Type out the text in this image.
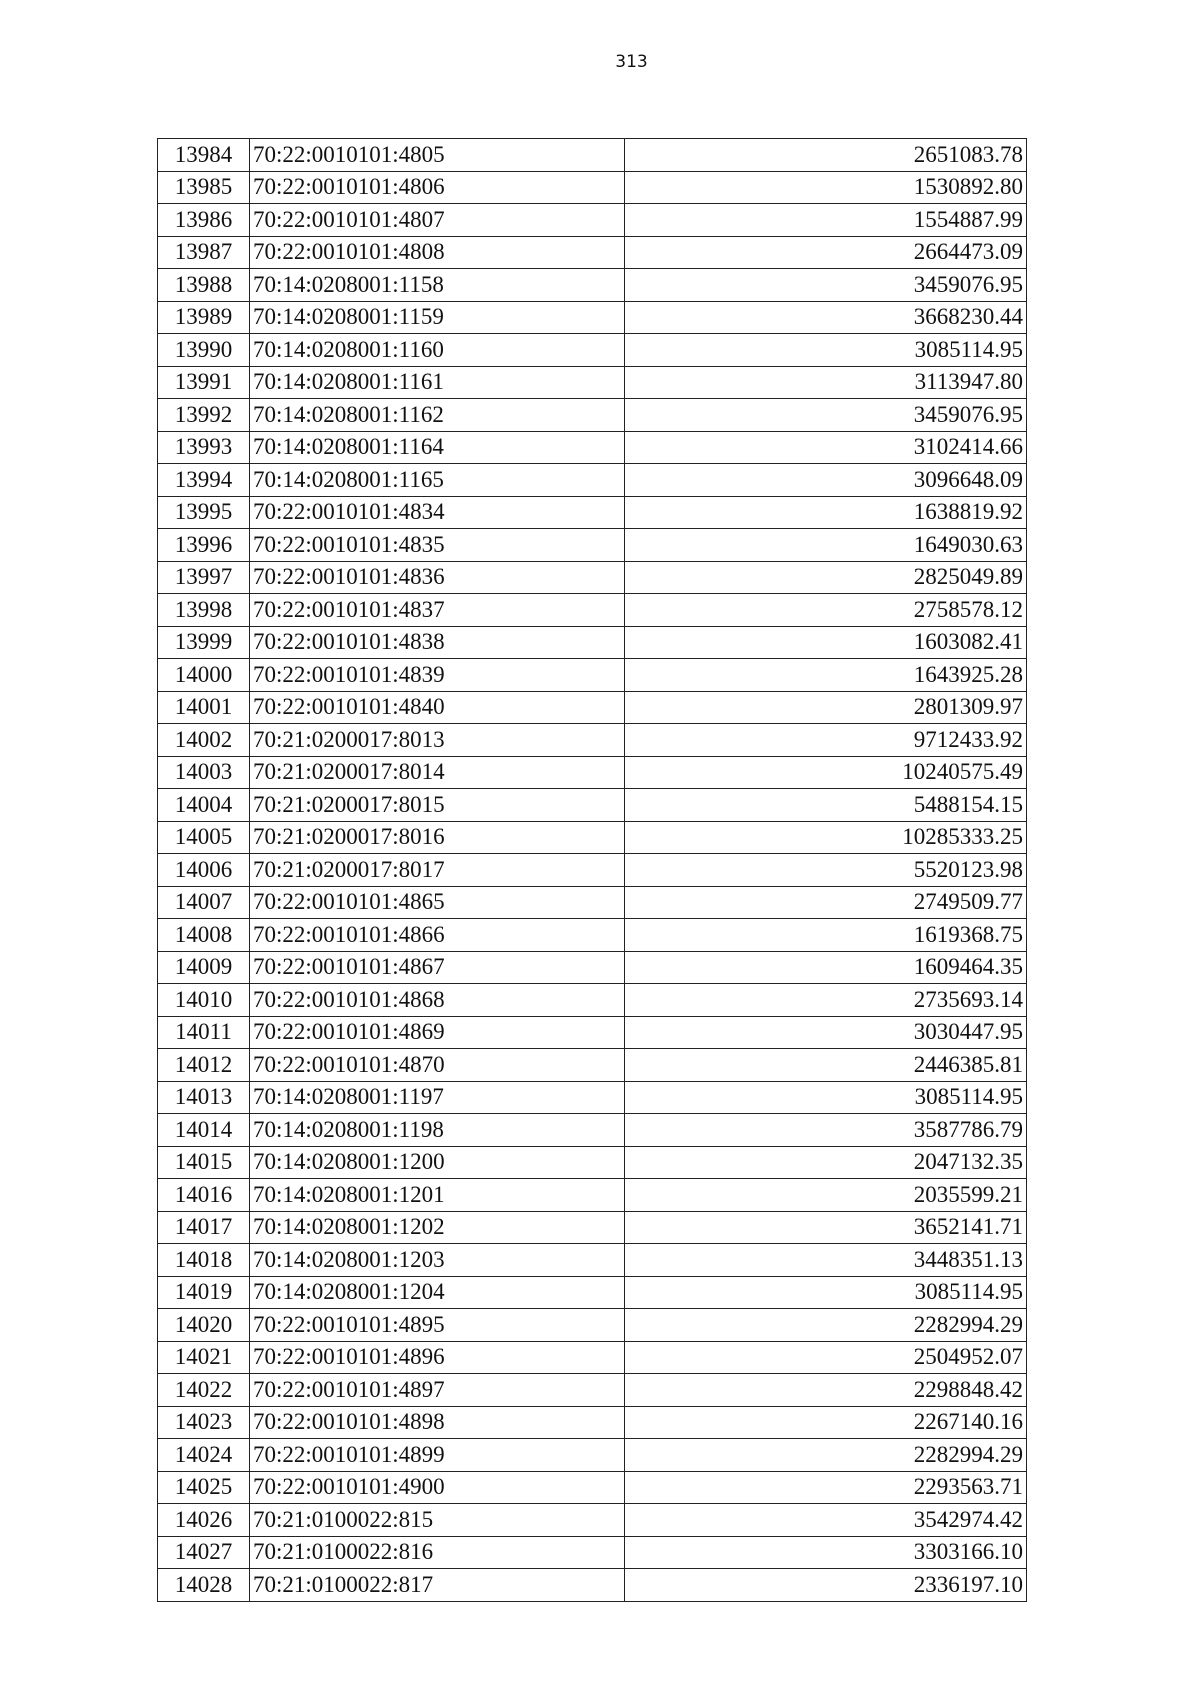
313
13984	70:22:0010101:4805	2651083.78
13985	70:22:0010101:4806	1530892.80
13986	70:22:0010101:4807	1554887.99
13987	70:22:0010101:4808	2664473.09
13988	70:14:0208001:1158	3459076.95
13989	70:14:0208001:1159	3668230.44
13990	70:14:0208001:1160	3085114.95
13991	70:14:0208001:1161	3113947.80
13992	70:14:0208001:1162	3459076.95
13993	70:14:0208001:1164	3102414.66
13994	70:14:0208001:1165	3096648.09
13995	70:22:0010101:4834	1638819.92
13996	70:22:0010101:4835	1649030.63
13997	70:22:0010101:4836	2825049.89
13998	70:22:0010101:4837	2758578.12
13999	70:22:0010101:4838	1603082.41
14000	70:22:0010101:4839	1643925.28
14001	70:22:0010101:4840	2801309.97
14002	70:21:0200017:8013	9712433.92
14003	70:21:0200017:8014	10240575.49
14004	70:21:0200017:8015	5488154.15
14005	70:21:0200017:8016	10285333.25
14006	70:21:0200017:8017	5520123.98
14007	70:22:0010101:4865	2749509.77
14008	70:22:0010101:4866	1619368.75
14009	70:22:0010101:4867	1609464.35
14010	70:22:0010101:4868	2735693.14
14011	70:22:0010101:4869	3030447.95
14012	70:22:0010101:4870	2446385.81
14013	70:14:0208001:1197	3085114.95
14014	70:14:0208001:1198	3587786.79
14015	70:14:0208001:1200	2047132.35
14016	70:14:0208001:1201	2035599.21
14017	70:14:0208001:1202	3652141.71
14018	70:14:0208001:1203	3448351.13
14019	70:14:0208001:1204	3085114.95
14020	70:22:0010101:4895	2282994.29
14021	70:22:0010101:4896	2504952.07
14022	70:22:0010101:4897	2298848.42
14023	70:22:0010101:4898	2267140.16
14024	70:22:0010101:4899	2282994.29
14025	70:22:0010101:4900	2293563.71
14026	70:21:0100022:815	3542974.42
14027	70:21:0100022:816	3303166.10
14028	70:21:0100022:817	2336197.10
